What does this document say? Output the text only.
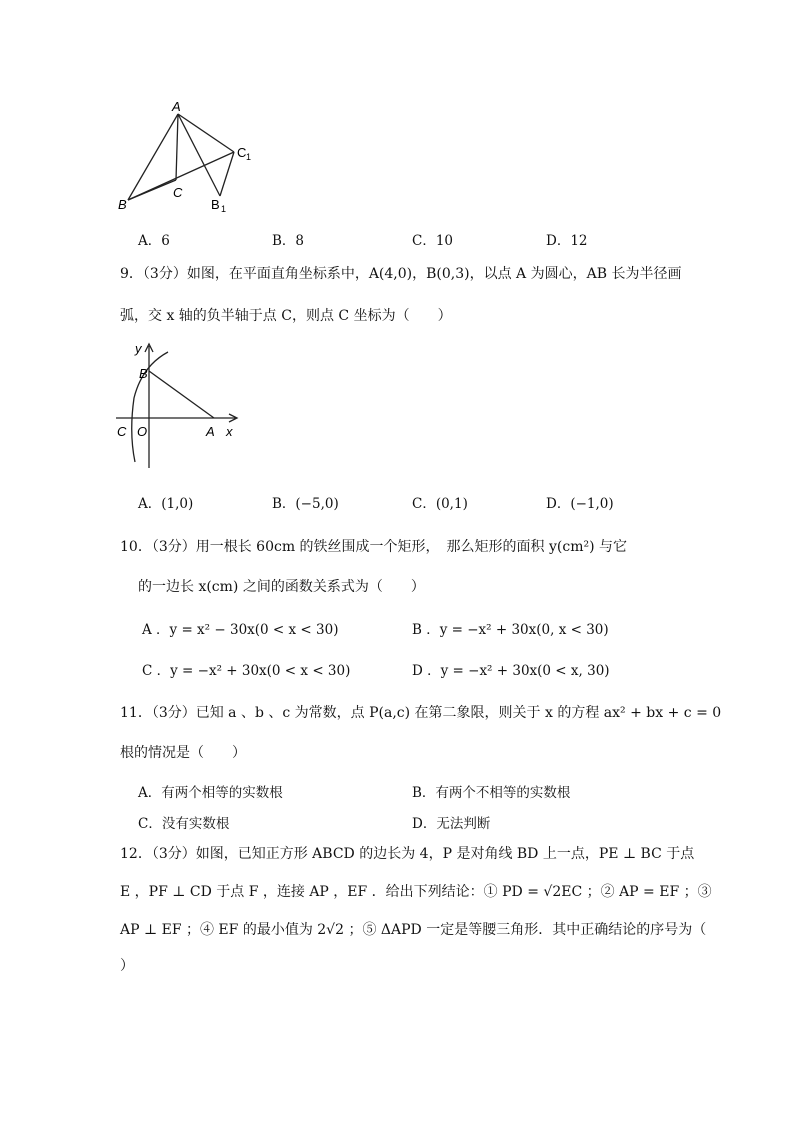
A
B
C
B 1
C 1
A．6	B．8	C．10	D．12
9．（3分）如图，在平面直角坐标系中，A(4,0)，B(0,3)，以点 A 为圆心，AB 长为半径画
弧，交 x 轴的负半轴于点 C，则点 C 坐标为（　　）
y
B
C O	A x
A．(1,0)	B．(−5,0)	C．(0,1)	D．(−1,0)
10．（3分）用一根长 60cm 的铁丝围成一个矩形，　那么矩形的面积 y(cm²) 与它
的一边长 x(cm) 之间的函数关系式为（　　）
A ．y = x² − 30x(0 < x < 30)	B ．y = −x² + 30x(0, x < 30)
C ．y = −x² + 30x(0 < x < 30)	D ．y = −x² + 30x(0 < x, 30)
11．（3分）已知 a 、b 、c 为常数，点 P(a,c) 在第二象限，则关于 x 的方程 ax² + bx + c = 0
根的情况是（　　）
A．有两个相等的实数根	B．有两个不相等的实数根
C．没有实数根	D．无法判断
12．（3分）如图，已知正方形 ABCD 的边长为 4，P 是对角线 BD 上一点，PE ⊥ BC 于点
E ，PF ⊥ CD 于点 F ，连接 AP ，EF ．给出下列结论：① PD = √2EC ；② AP = EF ；③
AP ⊥ EF ；④ EF 的最小值为 2√2 ；⑤ ΔAPD 一定是等腰三角形．其中正确结论的序号为（
）
